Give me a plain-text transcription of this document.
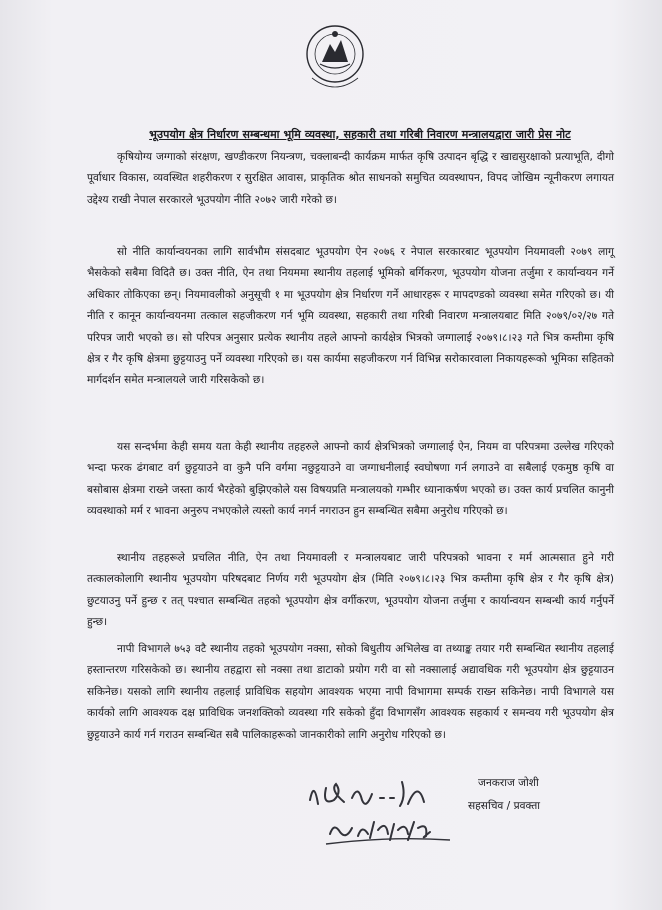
भूउपयोग क्षेत्र निर्धारण सम्बन्धमा भूमि व्यवस्था, सहकारी तथा गरिबी निवारण मन्त्रालयद्वारा जारी प्रेस नोट

कृषियोग्य जग्गाको संरक्षण, खण्डीकरण नियन्त्रण, चक्लाबन्दी कार्यक्रम मार्फत कृषि उत्पादन बृद्धि र खाद्यसुरक्षाको प्रत्याभूति, दीगो पूर्वाधार विकास, व्यवस्थित शहरीकरण र सुरक्षित आवास, प्राकृतिक श्रोत साधनको समुचित व्यवस्थापन, विपद जोखिम न्यूनीकरण लगायत उद्देश्य राखी नेपाल सरकारले भूउपयोग नीति २०७२ जारी गरेको छ।

सो नीति कार्यान्वयनका लागि सार्वभौम संसदबाट भूउपयोग ऐन २०७६ र नेपाल सरकारबाट भूउपयोग नियमावली २०७९ लागू भैसकेको सबैमा विदितै छ। उक्त नीति, ऐन तथा नियममा स्थानीय तहलाई भूमिको बर्गिकरण, भूउपयोग योजना तर्जुमा र कार्यान्वयन गर्ने अधिकार तोकिएका छन्। नियमावलीको अनुसूची १ मा भूउपयोग क्षेत्र निर्धारण गर्ने आधारहरू र मापदण्डको व्यवस्था समेत गरिएको छ। यी नीति र कानून कार्यान्वयनमा तत्काल सहजीकरण गर्न भूमि व्यवस्था, सहकारी तथा गरिबी निवारण मन्त्रालयबाट मिति २०७९/०२/२७ गते परिपत्र जारी भएको छ। सो परिपत्र अनुसार प्रत्येक स्थानीय तहले आफ्नो कार्यक्षेत्र भित्रको जग्गालाई २०७९।८।२३ गते भित्र कम्तीमा कृषि क्षेत्र र गैर कृषि क्षेत्रमा छुट्टयाउनु पर्ने व्यवस्था गरिएको छ। यस कार्यमा सहजीकरण गर्न विभिन्न सरोकारवाला निकायहरूको भूमिका सहितको मार्गदर्शन समेत मन्त्रालयले जारी गरिसकेको छ।

यस सन्दर्भमा केही समय यता केही स्थानीय तहहरुले आफ्नो कार्य क्षेत्रभित्रको जग्गालाई ऐन, नियम वा परिपत्रमा उल्लेख गरिएको भन्दा फरक ढंगबाट वर्ग छुट्टयाउने वा कुनै पनि वर्गमा नछुट्टयाउने वा जग्गाधनीलाई स्वघोषणा गर्न लगाउने वा सबैलाई एकमुष्ठ कृषि वा बसोबास क्षेत्रमा राख्ने जस्ता कार्य भैरहेको बुझिएकोले यस विषयप्रति मन्त्रालयको गम्भीर ध्यानाकर्षण भएको छ। उक्त कार्य प्रचलित कानुनी व्यवस्थाको मर्म र भावना अनुरुप नभएकोले त्यस्तो कार्य नगर्न नगराउन हुन सम्बन्धित सबैमा अनुरोध गरिएको छ।

स्थानीय तहहरूले प्रचलित नीति, ऐन तथा नियमावली र मन्त्रालयबाट जारी परिपत्रको भावना र मर्म आत्मसात हुने गरी तत्कालकोलागि स्थानीय भूउपयोग परिषदबाट निर्णय गरी भूउपयोग क्षेत्र (मिति २०७९।८।२३ भित्र कम्तीमा कृषि क्षेत्र र गैर कृषि क्षेत्र) छुटयाउनु पर्ने हुन्छ र तत् पश्चात सम्बन्धित तहको भूउपयोग क्षेत्र वर्गीकरण, भूउपयोग योजना तर्जुमा र कार्यान्वयन सम्बन्धी कार्य गर्नुपर्ने हुन्छ।

नापी विभागले ७५३ वटै स्थानीय तहको भूउपयोग नक्सा, सोको बिधुतीय अभिलेख वा तथ्याङ्क तयार गरी सम्बन्धित स्थानीय तहलाई हस्तान्तरण गरिसकेको छ। स्थानीय तहद्वारा सो नक्सा तथा डाटाको प्रयोग गरी वा सो नक्सालाई अद्यावधिक गरी भूउपयोग क्षेत्र छुट्टयाउन सकिनेछ। यसको लागि स्थानीय तहलाई प्राविधिक सहयोग आवश्यक भएमा नापी विभागमा सम्पर्क राख्न सकिनेछ। नापी विभागले यस कार्यको लागि आवश्यक दक्ष प्राविधिक जनशक्तिको व्यवस्था गरि सकेको हुँदा विभागसँग आवश्यक सहकार्य र समन्वय गरी भूउपयोग क्षेत्र छुट्टयाउने कार्य गर्न गराउन सम्बन्धित सबै पालिकाहरूको जानकारीको लागि अनुरोध गरिएको छ।

जनकराज जोशी
सहसचिव / प्रवक्ता
